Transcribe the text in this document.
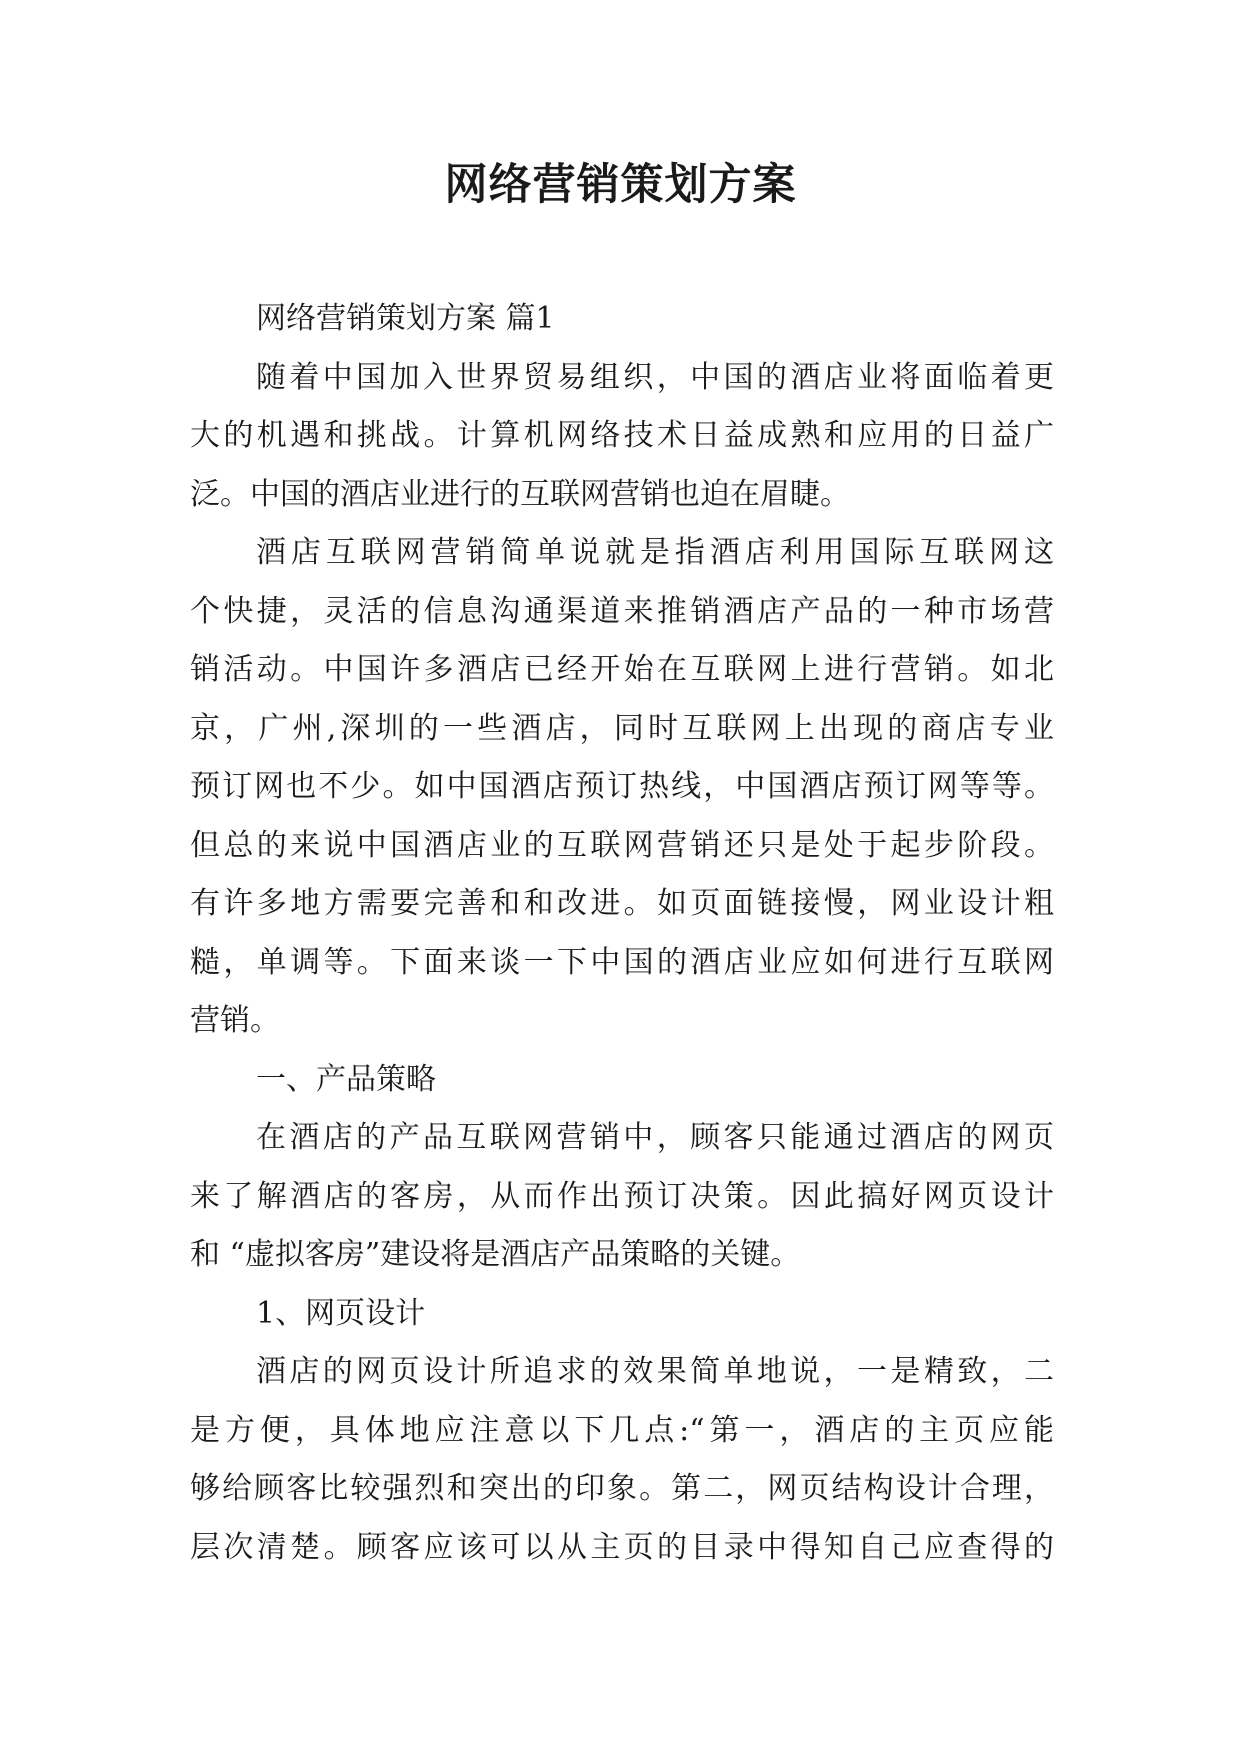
网络营销策划方案
网络营销策划方案 篇1
随着中国加入世界贸易组织，中国的酒店业将面临着更
大的机遇和挑战。计算机网络技术日益成熟和应用的日益广
泛。中国的酒店业进行的互联网营销也迫在眉睫。
酒店互联网营销简单说就是指酒店利用国际互联网这
个快捷，灵活的信息沟通渠道来推销酒店产品的一种市场营
销活动。中国许多酒店已经开始在互联网上进行营销。如北
京，广州,深圳的一些酒店，同时互联网上出现的商店专业
预订网也不少。如中国酒店预订热线，中国酒店预订网等等。
但总的来说中国酒店业的互联网营销还只是处于起步阶段。
有许多地方需要完善和和改进。如页面链接慢，网业设计粗
糙，单调等。下面来谈一下中国的酒店业应如何进行互联网
营销。
一、产品策略
在酒店的产品互联网营销中，顾客只能通过酒店的网页
来了解酒店的客房，从而作出预订决策。因此搞好网页设计
和 “虚拟客房”建设将是酒店产品策略的关键。
1、网页设计
酒店的网页设计所追求的效果简单地说，一是精致，二
是方便，具体地应注意以下几点:“第一，酒店的主页应能
够给顾客比较强烈和突出的印象。第二，网页结构设计合理，
层次清楚。顾客应该可以从主页的目录中得知自己应查得的
